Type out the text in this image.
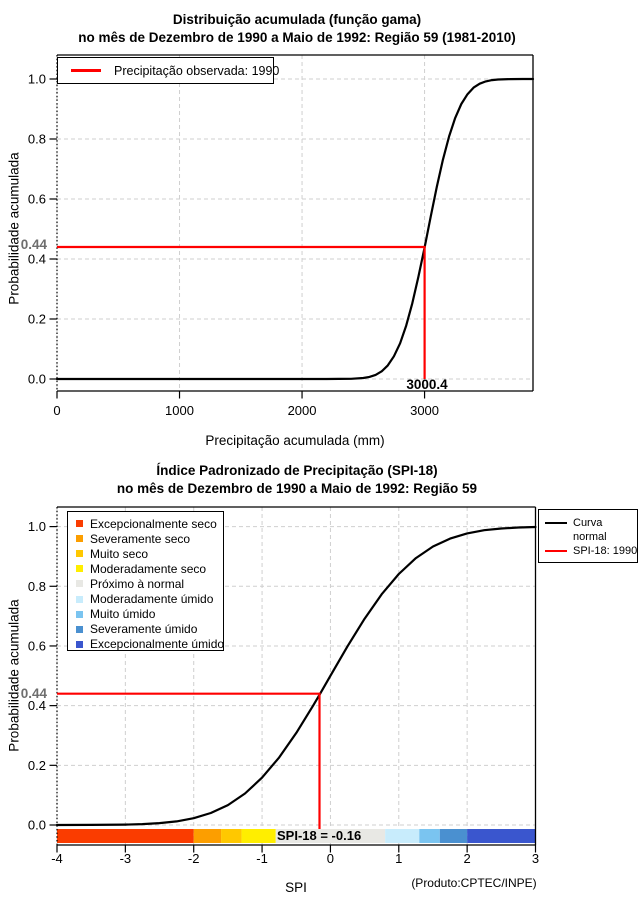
0.0
0.2
0.4
0.6
0.8
1.0
0	1000	2000	3000
0.0
0.2
0.4
0.6
0.8
1.0
-4	-3	-2	-1	0	1	2	3
Distribuição acumulada (função gama)
no mês de Dezembro de 1990 a Maio de 1992: Região 59 (1981-2010)
Probabilidade acumulada
Precipitação acumulada (mm)
Precipitação observada: 1990
0.44
3000.4
Índice Padronizado de Precipitação (SPI-18)
no mês de Dezembro de 1990 a Maio de 1992: Região 59
Probabilidade acumulada
SPI
Excepcionalmente seco
Severamente seco
Muito seco
Moderadamente seco
Próximo à normal
Moderadamente úmido
Muito úmido
Severamente úmido
Excepcionalmente úmido
Curva
normal
SPI-18: 1990
0.44
SPI-18 = -0.16
(Produto:CPTEC/INPE)
